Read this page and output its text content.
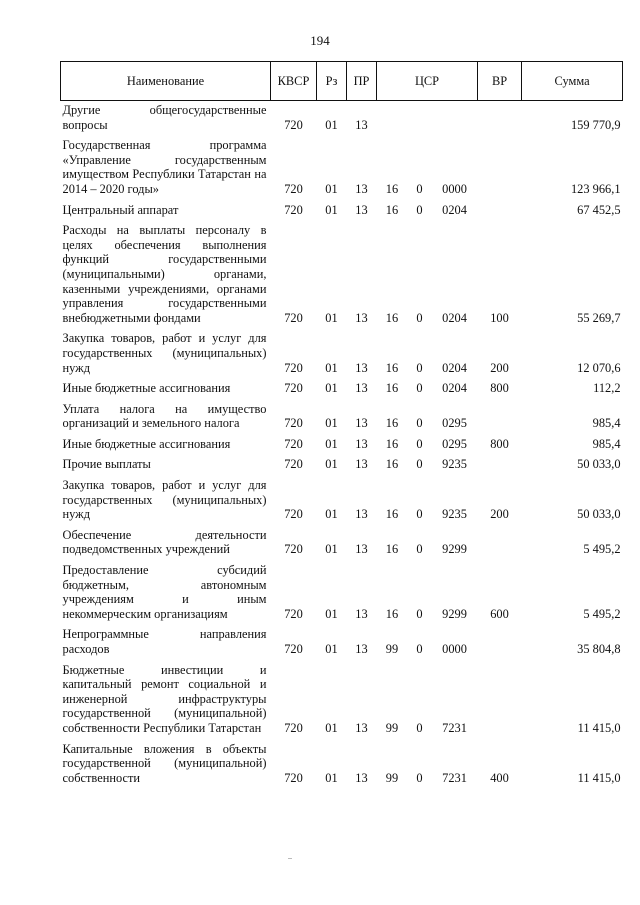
194
Наименование	КВСР	Рз	ПР	ЦСР			ВР	Сумма
Другие общегосударственные вопросы	720	01	13					159 770,9
Государственная программа «Управление государственным имуществом Республики Татарстан на 2014 – 2020 годы»	720	01	13	16	0	0000		123 966,1
Центральный аппарат	720	01	13	16	0	0204		67 452,5
Расходы на выплаты персоналу в целях обеспечения выполнения функций государственными (муниципальными) органами, казенными учреждениями, органами управления государственными внебюджетными фондами	720	01	13	16	0	0204	100	55 269,7
Закупка товаров, работ и услуг для государственных (муниципальных) нужд	720	01	13	16	0	0204	200	12 070,6
Иные бюджетные ассигнования	720	01	13	16	0	0204	800	112,2
Уплата налога на имущество организаций и земельного налога	720	01	13	16	0	0295		985,4
Иные бюджетные ассигнования	720	01	13	16	0	0295	800	985,4
Прочие выплаты	720	01	13	16	0	9235		50 033,0
Закупка товаров, работ и услуг для государственных (муниципальных) нужд	720	01	13	16	0	9235	200	50 033,0
Обеспечение деятельности подведомственных учреждений	720	01	13	16	0	9299		5 495,2
Предоставление субсидий бюджетным, автономным учреждениям и иным некоммерческим организациям	720	01	13	16	0	9299	600	5 495,2
Непрограммные направления расходов	720	01	13	99	0	0000		35 804,8
Бюджетные инвестиции и капитальный ремонт социальной и инженерной инфраструктуры государственной (муниципальной) собственности Республики Татарстан	720	01	13	99	0	7231		11 415,0
Капитальные вложения в объекты государственной (муниципальной) собственности	720	01	13	99	0	7231	400	11 415,0
